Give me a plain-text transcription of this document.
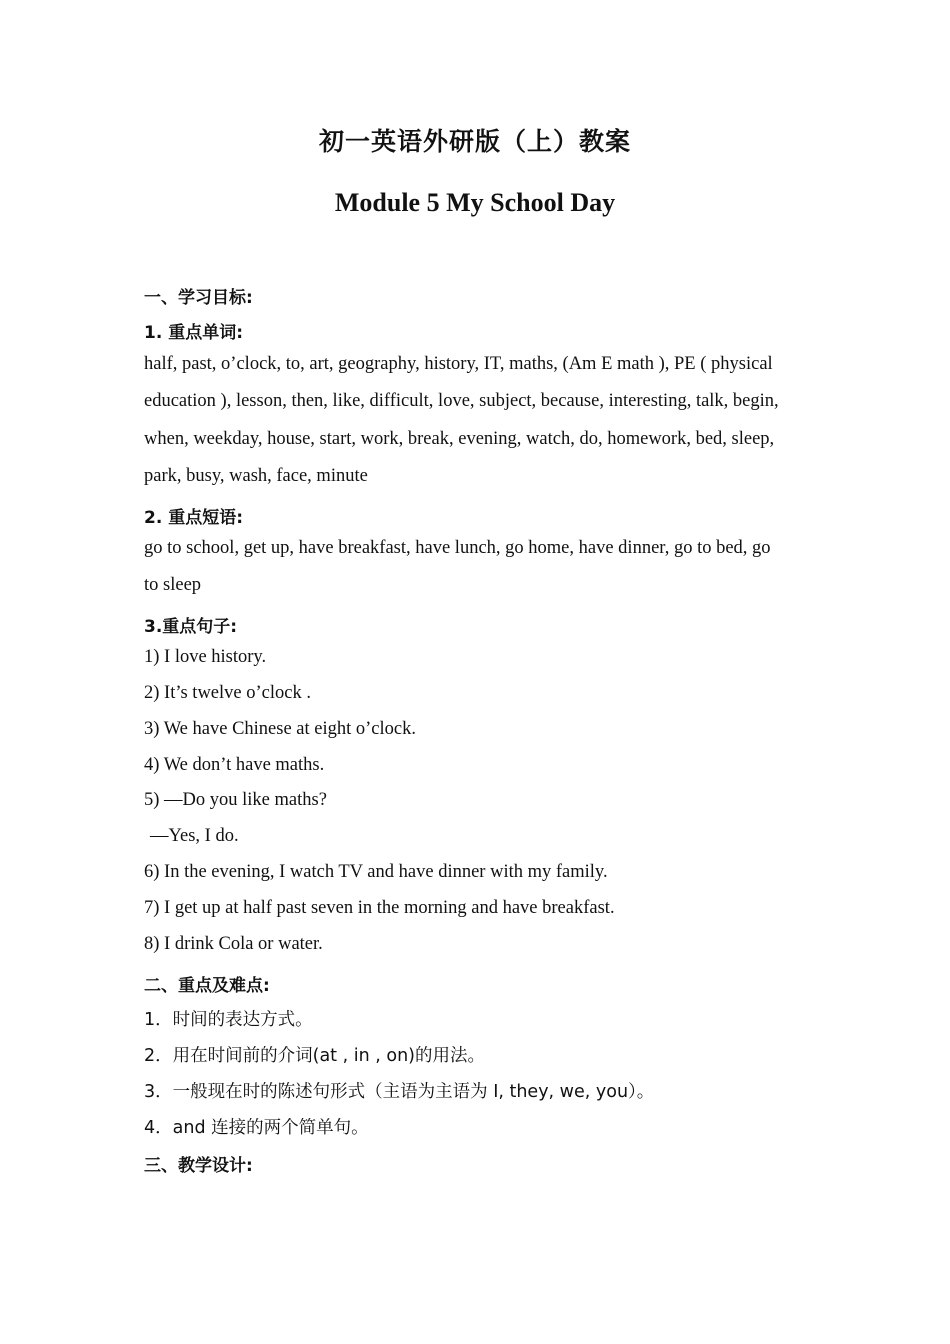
初一英语外研版（上）教案
Module 5 My School Day
一、学习目标:
1. 重点单词:
half, past, o’clock, to, art, geography, history, IT, maths, (Am E math ), PE ( physical
education ), lesson, then, like, difficult, love, subject, because, interesting, talk, begin,
when, weekday, house, start, work, break, evening, watch, do, homework, bed, sleep,
park, busy, wash, face, minute
2. 重点短语:
go to school, get up, have breakfast, have lunch, go home, have dinner, go to bed, go
to sleep
3.重点句子:
1) I love history.
2) It’s twelve o’clock .
3) We have Chinese at eight o’clock.
4) We don’t have maths.
5) —Do you like maths?
—Yes, I do.
6) In the evening, I watch TV and have dinner with my family.
7) I get up at half past seven in the morning and have breakfast.
8) I drink Cola or water.
二、重点及难点:
1．时间的表达方式。
2．用在时间前的介词(at , in , on)的用法。
3．一般现在时的陈述句形式（主语为主语为 I, they, we, you）。
4．and 连接的两个简单句。
三、教学设计:
